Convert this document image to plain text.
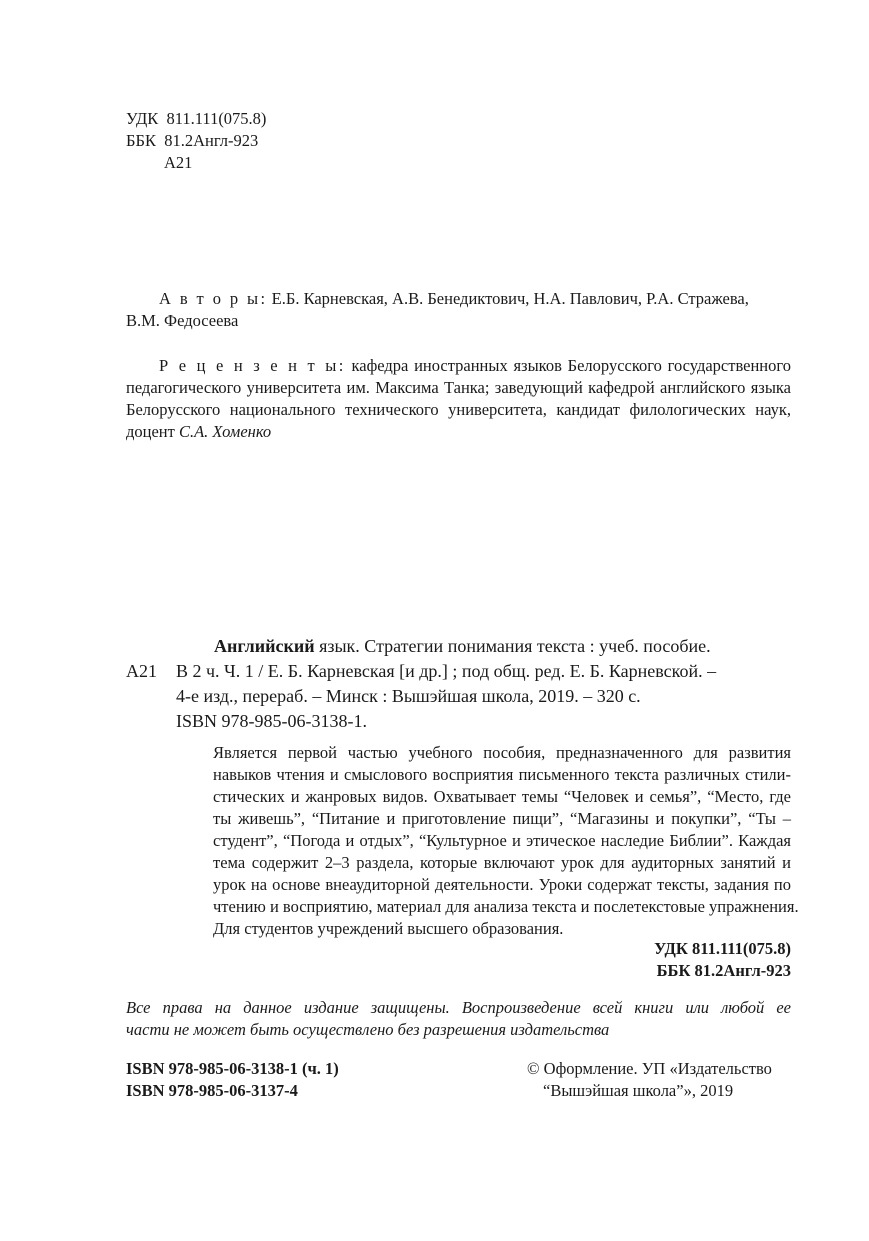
УДК  811.111(075.8)
ББК  81.2Англ-923
А21
А в т о р ы: Е.Б. Карневская, А.В. Бенедиктович, Н.А. Павлович, Р.А. Стражева,
В.М. Федосеева
Р е ц е н з е н т ы: кафедра иностранных языков Белорусского государственного педагогического университета им. Максима Танка; заведующий кафедрой английского языка Белорусского национального технического университета, кандидат филологических наук, доцент С.А. Хоменко
Английский язык. Стратегии понимания текста : учеб. пособие.
А21 В 2 ч. Ч. 1 / Е. Б. Карневская [и др.] ; под общ. ред. Е. Б. Карневской. –
4-е изд., перераб. – Минск : Вышэйшая школа, 2019. – 320 с.
ISBN 978-985-06-3138-1.
Является первой частью учебного пособия, предназначенного для развития
навыков чтения и смыслового восприятия письменного текста различных стили-
стических и жанровых видов. Охватывает темы “Человек и семья”, “Место, где
ты живешь”, “Питание и приготовление пищи”, “Магазины и покупки”, “Ты –
студент”, “Погода и отдых”, “Культурное и этическое наследие Библии”. Каждая
тема содержит 2–3 раздела, которые включают урок для аудиторных занятий и
урок на основе внеаудиторной деятельности. Уроки содержат тексты, задания по
чтению и восприятию, материал для анализа текста и послетекстовые упражнения.
Для студентов учреждений высшего образования.
УДК 811.111(075.8)
ББК 81.2Англ-923
Все права на данное издание защищены. Воспроизведение всей книги или любой ее
части не может быть осуществлено без разрешения издательства
ISBN 978-985-06-3138-1 (ч. 1)
ISBN 978-985-06-3137-4
© Оформление. УП «Издательство
“Вышэйшая школа”», 2019
